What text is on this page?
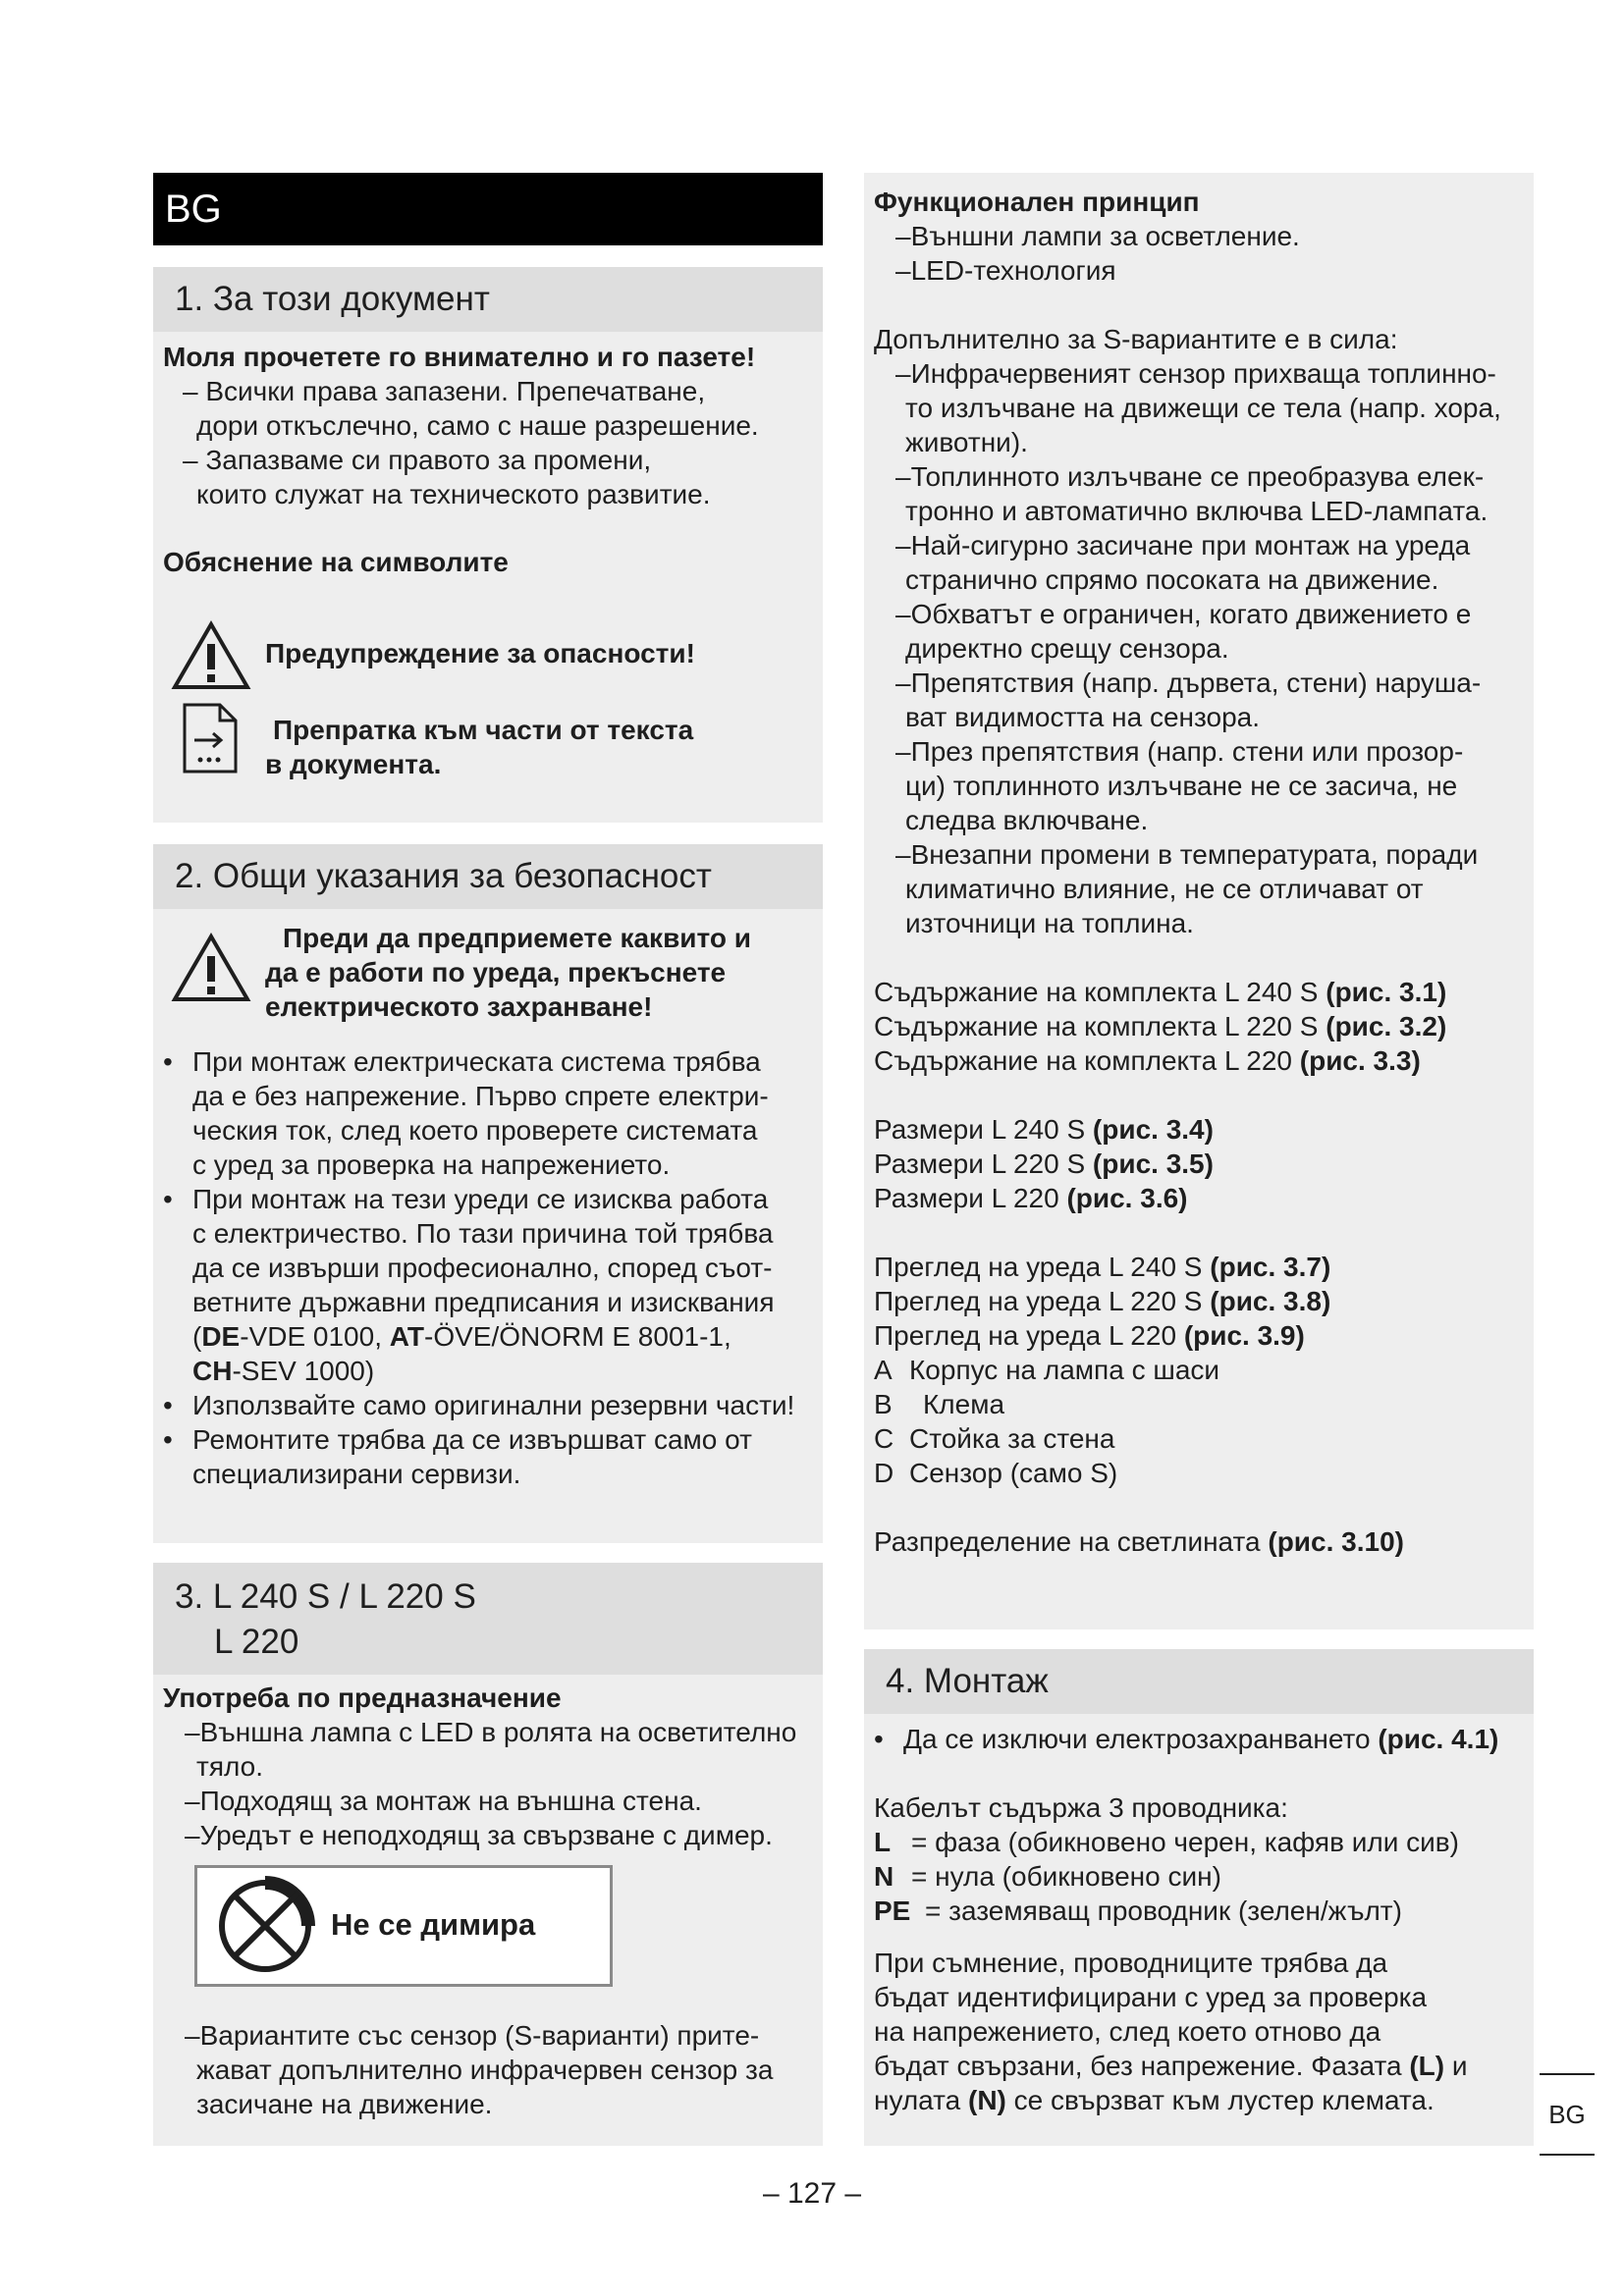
BG
1. За този документ

Моля прочетете го внимателно и го пазете!

– Всички права запазени. Препечатване,

дори откъслечно, само с наше разрешение.

– Запазваме си правото за промени,

които служат на техническото развитие.

Обяснение на символите

Предупреждение за опасности!
Препратка към части от текста
в документа.
2. Общи указания за безопасност
Преди да предприемете каквито и
да е работи по уреда, прекъснете
електрическото захранване!
• При монтаж електрическата система трябва
да е без напрежение. Първо спрете електри-
ческия ток, след което проверете системата
с уред за проверка на напрежението.
• При монтаж на тези уреди се изисква работа
с електричество. По тази причина той трябва
да се извърши професионално, според съот-
ветните държавни предписания и изисквания
(DE-VDE 0100, AT-ÖVE/ÖNORM E 8001-1,
CH-SEV 1000)
• Използвайте само оригинални резервни части!
• Ремонтите трябва да се извършват само от
специализирани сервизи.
3. L 240 S / L 220 S
L 220

Употреба по предназначение

–Външна лампа с LED в ролята на осветително
тяло.
–Подходящ за монтаж на външна стена.
–Уредът е неподходящ за свързване с димер.
Не се димира
–Вариантите със сензор (S-варианти) прите-
жават допълнително инфрачервен сензор за
засичане на движение.

Функционален принцип

–Външни лампи за осветление.

–LED-технология

Допълнително за S-вариантите е в сила:

–Инфрачервеният сензор прихваща топлинно-
то излъчване на движещи се тела (напр. хора,
животни).
–Топлинното излъчване се преобразува елек-
тронно и автоматично включва LED-лампата.
–Най-сигурно засичане при монтаж на уреда
странично спрямо посоката на движение.
–Обхватът е ограничен, когато движението е
директно срещу сензора.
–Препятствия (напр. дървета, стени) наруша-
ват видимостта на сензора.
–През препятствия (напр. стени или прозор-
ци) топлинното излъчване не се засича, не
следва включване.
–Внезапни промени в температурата, поради
климатично влияние, не се отличават от
източници на топлина.
Съдържание на комплекта L 240 S (рис. 3.1)
Съдържание на комплекта L 220 S (рис. 3.2)
Съдържание на комплекта L 220 (рис. 3.3)
Размери L 240 S (рис. 3.4)
Размери L 220 S (рис. 3.5)
Размери L 220 (рис. 3.6)
Преглед на уреда L 240 S (рис. 3.7)
Преглед на уреда L 220 S (рис. 3.8)
Преглед на уреда L 220 (рис. 3.9)
A Корпус на лампа с шаси
B Клема
C Стойка за стена
D Сензор (само S)
Разпределение на светлината (рис. 3.10)
4. Монтаж
• Да се изключи електрозахранването (рис. 4.1)

Кабелът съдържа 3 проводника:

L = фаза (обикновено черен, кафяв или сив)
N = нула (обикновено син)
PE = заземяващ проводник (зелен/жълт)
При съмнение, проводниците трябва да
бъдат идентифицирани с уред за проверка
на напрежението, след което отново да
бъдат свързани, без напрежение. Фазата (L) и
нулата (N) се свързват към луcтер клемата.	BG
– 127 –
